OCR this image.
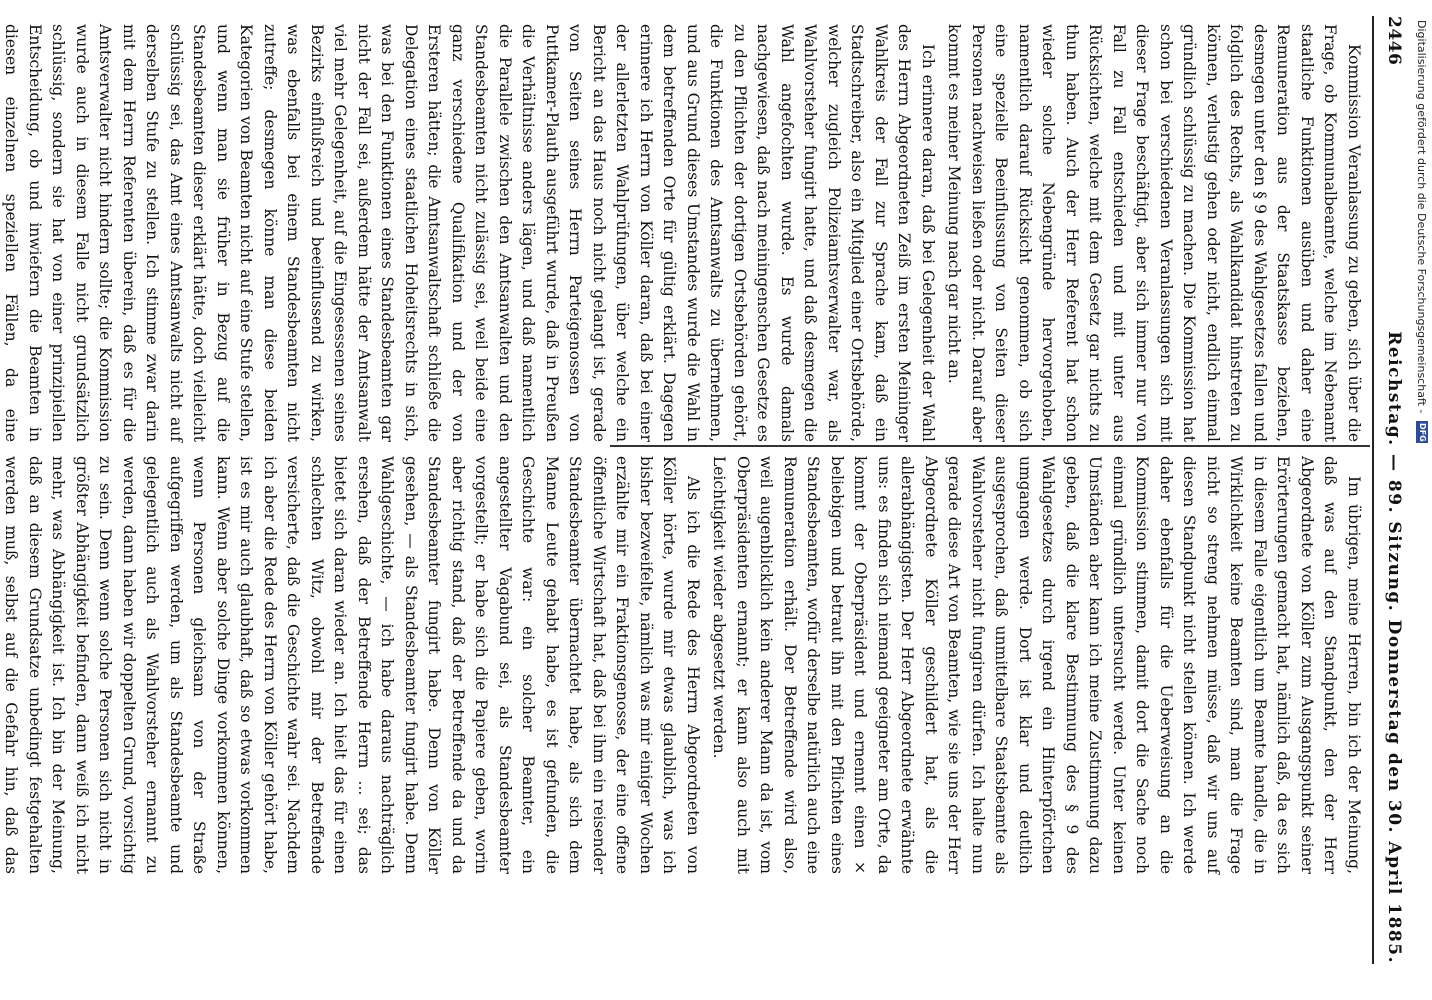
2446
Reichstag. — 89. Sitzung. Donnerstag den 30. April 1885.

Kommission Veranlassung zu geben, sich über die Frage, ob Kommunalbeamte, welche im Nebenamt staatliche Funktionen ausüben und daher eine Remuneration aus der Staatskasse beziehen, desmegen unter den § 9 des Wahlgesetzes fallen und folglich des Rechts, als Wahlkandidat hinstreten zu können, verlustig gehen oder nicht, endlich einmal gründlich schlüssig zu machen. Die Kommission hat schon bei verschiedenen Veranlassungen sich mit dieser Frage beschäftigt, aber sich immer nur von Fall zu Fall entschieden und mit unter aus Rücksichten, welche mit dem Gesetz gar nichts zu thun haben. Auch der Herr Referent hat schon wieder solche Nebengründe hervorgehoben, namentlich darauf Rücksicht genommen, ob sich eine spezielle Beeinflussung von Seiten dieser Personen nachweisen ließen oder nicht. Darauf aber kommt es meiner Meinung nach gar nicht an.

Ich erinnere daran, daß bei Gelegenheit der Wahl des Herrn Abgeordneten Zeiß im ersten Meininger Wahlkreis der Fall zur Sprache kam, daß ein Stadtschreiber, also ein Mitglied einer Ortsbehörde, welcher zugleich Polizeiamtsverwalter war, als Wahlvorsteher fungirt hatte, und daß desmegen die Wahl angefochten wurde. Es wurde damals nachgewiesen, daß nach meiningenschen Gesetze es zu den Pflichten der dortigen Ortsbehörden gehört, die Funktionen des Amtsanwalts zu übernehmen, und aus Grund dieses Umstandes wurde die Wahl in dem betreffenden Orte für gültig erklärt. Dagegen erinnere ich Herrn von Köller daran, daß bei einer der allerletzten Wahlprüfungen, über welche ein Bericht an das Haus noch nicht gelangt ist, gerade von Seiten seines Herrn Parteigenossen von Puttkamer-Plauth ausgeführt wurde, daß in Preußen die Verhältnisse anders lägen, und daß namentlich die Parallele zwischen den Amtsanwalten und den Standesbeamten nicht zulässig sei, weil beide eine ganz verschiedene Qualifikation und der von Ersteren hätten; die Amtsanwaltschaft schließe die Delegation eines staatlichen Hoheitsrechts in sich, was bei den Funktionen eines Standesbeamten gar nicht der Fall sei, außerdem hätte der Amtsanwalt viel mehr Gelegenheit, auf die Eingesessenen seines Bezirks einflußreich und beeinflussend zu wirken, was ebenfalls bei einem Standesbeamten nicht zutreffe; desmegen könne man diese beiden Kategorien von Beamten nicht auf eine Stufe stellen, und wenn man sie früher in Bezug auf die Standesbeamten dieser erklärt hätte, doch vielleicht schlüssig sei, das Amt eines Amtsanwalts nicht auf derselben Stufe zu stellen. Ich stimme zwar darin mit dem Herrn Referenten überein, daß es für die Amtsverwalter nicht hindern sollte; die Kommission wurde auch in diesem Falle nicht grundsätzlich schlüssig, sondern sie hat von einer prinzipiellen Entscheidung, ob und inwiefern die Beamten in diesen einzelnen speziellen Fällen, da eine

Im übrigen, meine Herren, bin ich der Meinung, daß was auf den Standpunkt, den der Herr Abgeordnete von Köller zum Ausgangspunkt seiner Erörterungen gemacht hat, nämlich daß, da es sich in diesem Falle eigentlich um Beamte handle, die in Wirklichkeit keine Beamten sind, man die Frage nicht so streng nehmen müsse, daß wir uns auf diesen Standpunkt nicht stellen können. Ich werde daher ebenfalls für die Ueberweisung an die Kommission stimmen, damit dort die Sache noch einmal gründlich untersucht werde. Unter keinen Umständen aber kann ich meine Zustimmung dazu geben, daß die klare Bestimmung des § 9 des Wahlgesetzes durch irgend ein Hinterpförtchen umgangen werde. Dort ist klar und deutlich ausgesprochen, daß unmittelbare Staatsbeamte als Wahlvorsteher nicht fungiren dürfen. Ich halte nun gerade diese Art von Beamten, wie sie uns der Herr Abgeordnete Köller geschildert hat, als die allerabhängigsten. Der Herr Abgeordnete erwähnte uns: es finden sich niemand geeigneter am Orte, da kommt der Oberpräsident und ernennt einen × beliebigen und betraut ihn mit den Pflichten eines Standesbeamten, wofür derselbe natürlich auch eine Remuneration erhält. Der Betreffende wird also, weil augenblicklich kein anderer Mann da ist, vom Oberpräsidenten ernannt; er kann also auch mit Leichtigkeit wieder abgesetzt werden.

Als ich die Rede des Herrn Abgeordneten von Köller hörte, wurde mir etwas glaublich, was ich bisher bezweifelte, nämlich was mir einiger Wochen erzählte mir ein Fraktionsgenosse, der eine offene öffentliche Wirtschaft hat, daß bei ihm ein reisender Standesbeamter übernachtet habe, als sich dem Manne Leute gehabt habe, es ist gefunden, die Geschichte war: ein solcher Beamter, ein angestellter Vagabund sei, als Standesbeamter vorgestellt; er habe sich die Papiere geben, worin aber richtig stand, daß der Betreffende da und da Standesbeamter fungirt habe. Denn von Köller gesehen, — als Standesbeamter fungirt habe. Denn Wahlgeschichte, — ich habe daraus nachträglich ersehen, daß der Betreffende Herrn ... sei; das bietet sich daran wieder an. Ich hielt das für einen schlechten Witz, obwohl mir der Betreffende versicherte, daß die Geschichte wahr sei. Nachdem ich aber die Rede des Herrn von Köller gehört habe, ist es mir auch glaubhaft, daß so etwas vorkommen kann. Wenn aber solche Dinge vorkommen können, wenn Personen gleichsam von der Straße aufgegriffen werden, um als Standesbeamte und gelegentlich auch als Wahlvorsteher ernannt zu werden, dann haben wir doppelten Grund, vorsichtig zu sein. Denn wenn solche Personen sich nicht in größter Abhängigkeit befinden, dann weiß ich nicht mehr, was Abhängigkeit ist. Ich bin der Meinung, daß an diesem Grundsatze unbedingt festgehalten werden muß, selbst auf die Gefahr hin, daß das

Digitalisierung gefördert durch die Deutsche Forschungsgemeinschaft -
DFG
